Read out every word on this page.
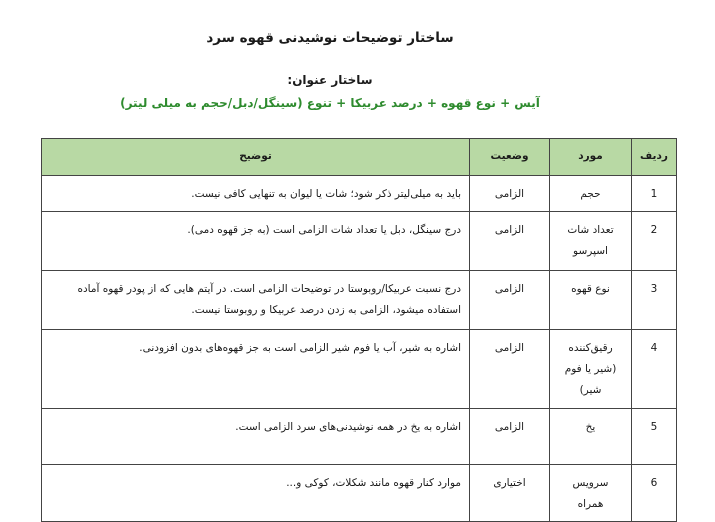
ساختار توضیحات نوشیدنی قهوه سرد
ساختار عنوان:
آیس + نوع قهوه + درصد عربیکا + تنوع (سینگل/دبل/حجم به میلی لیتر)
ردیف	مورد	وضعیت	توضیح
1	حجم	الزامی	باید به میلی‌لیتر ذکر شود؛ شات یا لیوان به تنهایی کافی نیست.
2	تعداد شات اسپرسو	الزامی	درج سینگل، دبل یا تعداد شات الزامی است (به جز قهوه دمی).
3	نوع قهوه	الزامی	درج نسبت عربیکا/روبوستا در توضیحات الزامی است. در آیتم هایی که از پودر قهوه آماده استفاده میشود، الزامی به زدن درصد عربیکا و روبوستا نیست.
4	رقیق‌کننده (شیر یا فوم شیر)	الزامی	اشاره به شیر، آب یا فوم شیر الزامی است به جز قهوه‌های بدون افزودنی.
5	یخ	الزامی	اشاره به یخ در همه نوشیدنی‌های سرد الزامی است.
6	سرویس همراه	اختیاری	موارد کنار قهوه مانند شکلات، کوکی و...
